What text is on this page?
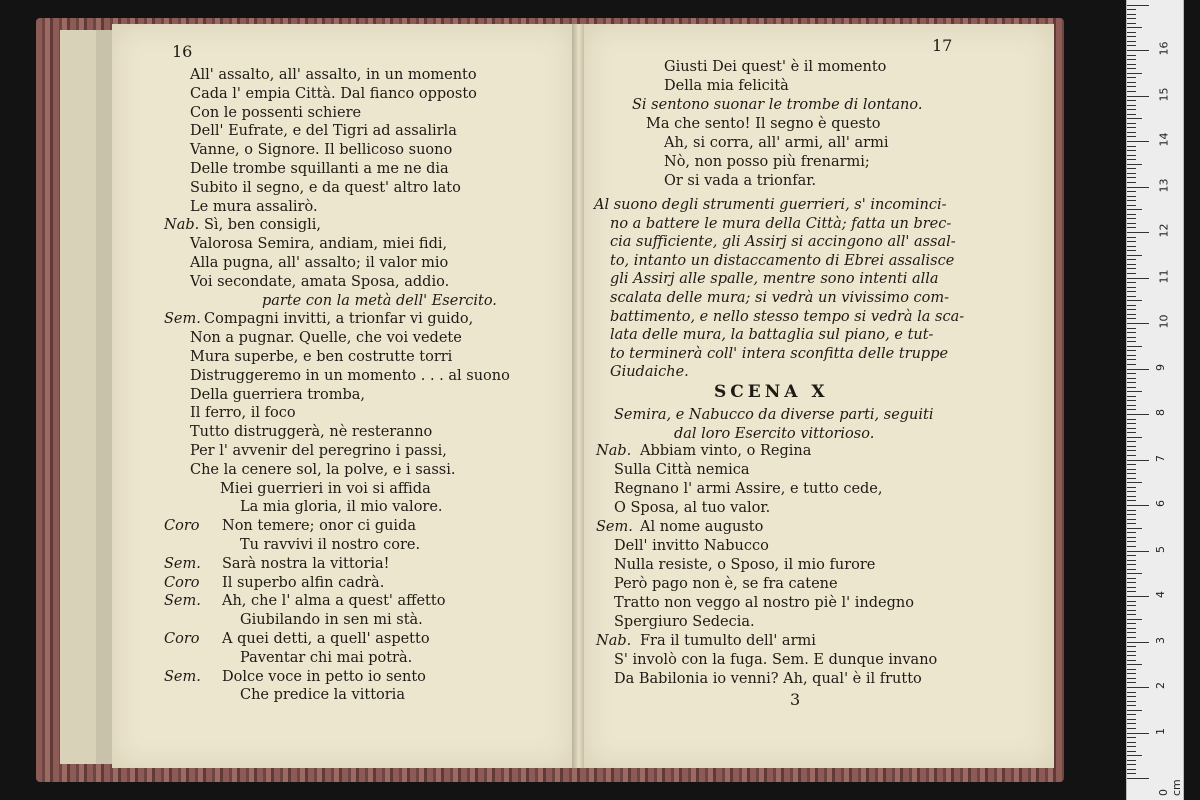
16
All' assalto, all' assalto, in un momento
Cada l' empia Città. Dal fianco opposto
Con le possenti schiere
Dell' Eufrate, e del Tigri ad assalirla
Vanne, o Signore. Il bellicoso suono
Delle trombe squillanti a me ne dia
Subito il segno, e da quest' altro lato
Le mura assalirò.
Nab. Sì, ben consigli,
Valorosa Semira, andiam, miei fidi,
Alla pugna, all' assalto; il valor mio
Voi secondate, amata Sposa, addio.
parte con la metà dell' Esercito.
Sem. Compagni invitti, a trionfar vi guido,
Non a pugnar. Quelle, che voi vedete
Mura superbe, e ben costrutte torri
Distruggeremo in un momento . . . al suono
Della guerriera tromba,
Il ferro, il foco
Tutto distruggerà, nè resteranno
Per l' avvenir del peregrino i passi,
Che la cenere sol, la polve, e i sassi.
Miei guerrieri in voi si affida
La mia gloria, il mio valore.
Coro Non temere; onor ci guida
Tu ravvivi il nostro core.
Sem. Sarà nostra la vittoria!
Coro Il superbo alfin cadrà.
Sem. Ah, che l' alma a quest' affetto
Giubilando in sen mi stà.
Coro A quei detti, a quell' aspetto
Paventar chi mai potrà.
Sem. Dolce voce in petto io sento
Che predice la vittoria
17
Giusti Dei quest' è il momento
Della mia felicità
Si sentono suonar le trombe di lontano.
Ma che sento! Il segno è questo
Ah, si corra, all' armi, all' armi
Nò, non posso più frenarmi;
Or si vada a trionfar.
Al suono degli strumenti guerrieri, s' incominci-
no a battere le mura della Città; fatta un brec-
cia sufficiente, gli Assirj si accingono all' assal-
to, intanto un distaccamento di Ebrei assalisce
gli Assirj alle spalle, mentre sono intenti alla
scalata delle mura; si vedrà un vivissimo com-
battimento, e nello stesso tempo si vedrà la sca-
lata delle mura, la battaglia sul piano, e tut-
to terminerà coll' intera sconfitta delle truppe
Giudaiche.
SCENA X
Semira, e Nabucco da diverse parti, seguiti
dal loro Esercito vittorioso.
Nab. Abbiam vinto, o Regina
Sulla Città nemica
Regnano l' armi Assire, e tutto cede,
O Sposa, al tuo valor.
Sem. Al nome augusto
Dell' invitto Nabucco
Nulla resiste, o Sposo, il mio furore
Però pago non è, se fra catene
Tratto non veggo al nostro piè l' indegno
Spergiuro Sedecia.
Nab. Fra il tumulto dell' armi
S' involò con la fuga. Sem. E dunque invano
Da Babilonia io venni? Ah, qual' è il frutto
3
0 cm
1
2
3
4
5
6
7
8
9
10
11
12
13
14
15
16
